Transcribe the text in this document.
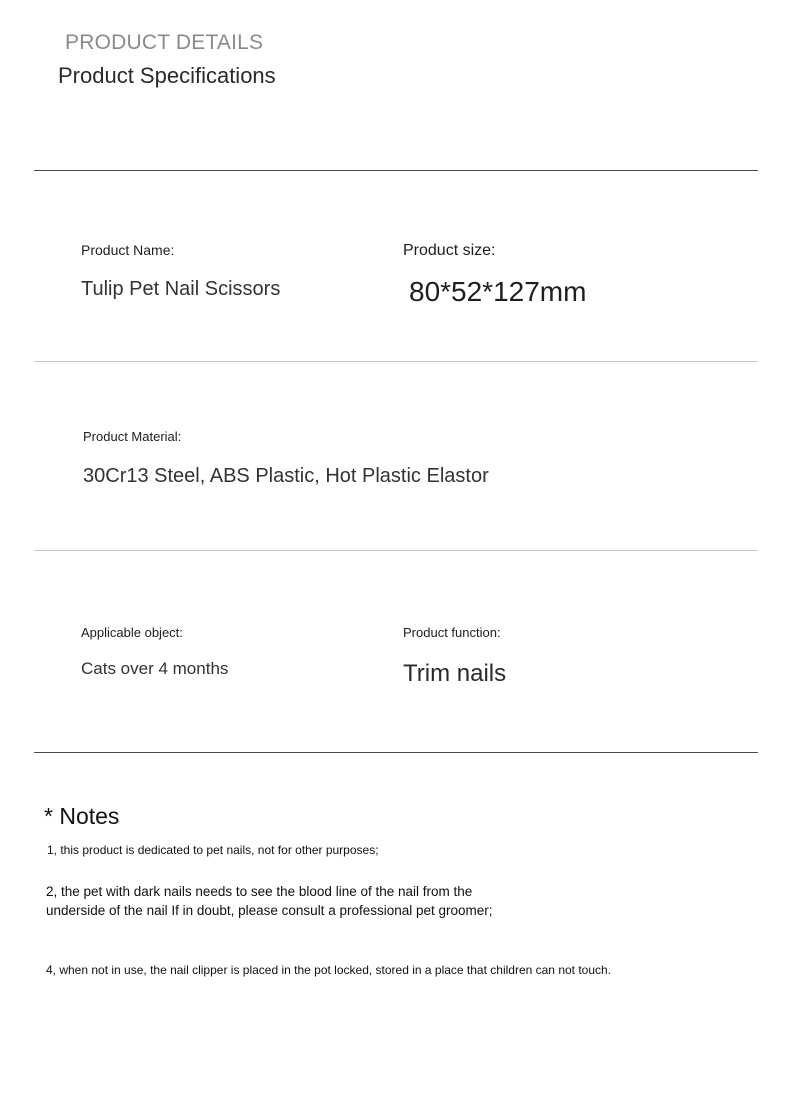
PRODUCT DETAILS
Product Specifications
Product Name:
Tulip Pet Nail Scissors
Product size:
80*52*127mm
Product Material:
30Cr13 Steel, ABS Plastic, Hot Plastic Elastor
Applicable object:
Cats over 4 months
Product function:
Trim nails
* Notes
1, this product is dedicated to pet nails, not for other purposes;
2, the pet with dark nails needs to see the blood line of the nail from the
underside of the nail If in doubt, please consult a professional pet groomer;
4, when not in use, the nail clipper is placed in the pot locked, stored in a place that children can not touch.
